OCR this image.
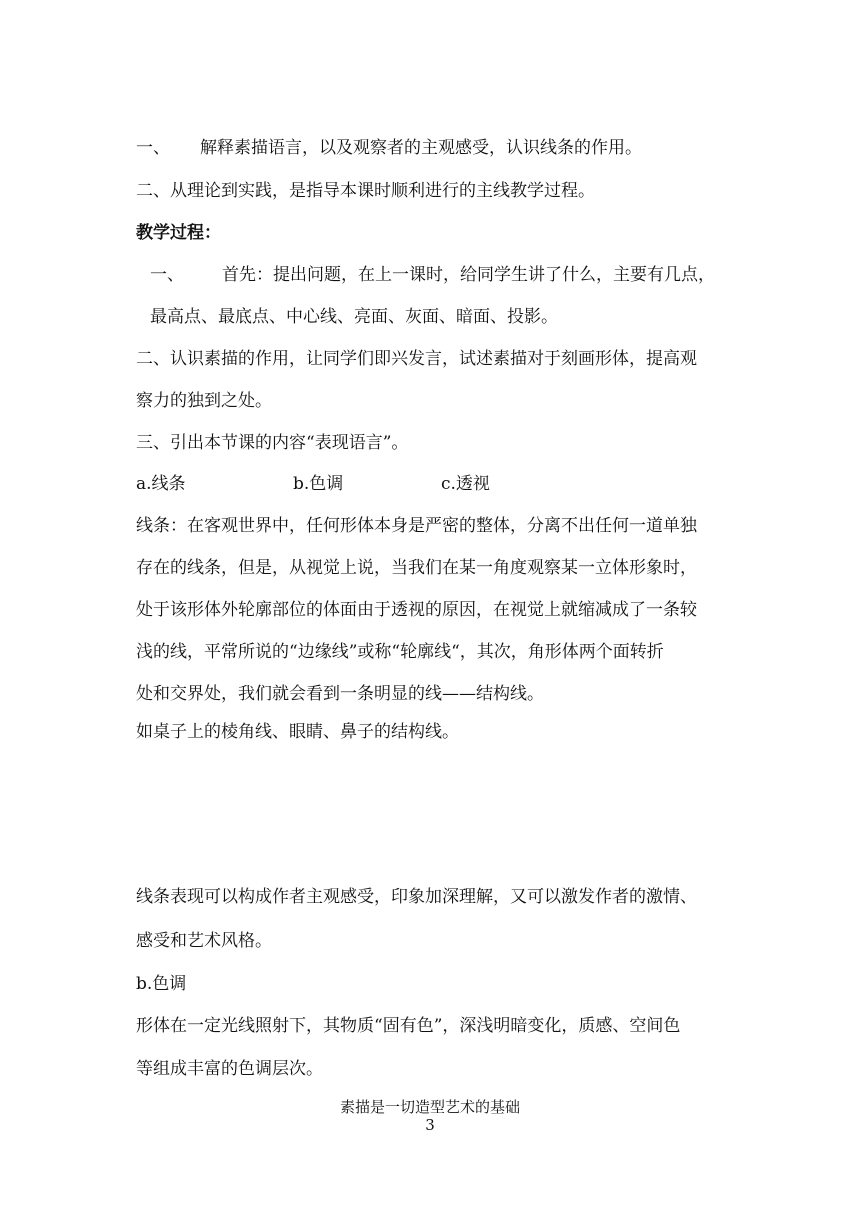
一、 解释素描语言，以及观察者的主观感受，认识线条的作用。

二、从理论到实践，是指导本课时顺利进行的主线教学过程。

教学过程：

一、 首先：提出问题，在上一课时，给同学生讲了什么，主要有几点，

最高点、最底点、中心线、亮面、灰面、暗面、投影。

二、认识素描的作用，让同学们即兴发言，试述素描对于刻画形体，提高观

察力的独到之处。

三、引出本节课的内容“表现语言”。

a.线条	b.色调	c.透视

线条：在客观世界中，任何形体本身是严密的整体，分离不出任何一道单独

存在的线条，但是，从视觉上说，当我们在某一角度观察某一立体形象时，

处于该形体外轮廓部位的体面由于透视的原因，在视觉上就缩减成了一条较

浅的线，平常所说的“边缘线”或称“轮廓线“，其次，角形体两个面转折

处和交界处，我们就会看到一条明显的线——结构线。

如桌子上的棱角线、眼睛、鼻子的结构线。

线条表现可以构成作者主观感受，印象加深理解，又可以激发作者的激情、

感受和艺术风格。

b.色调

形体在一定光线照射下，其物质“固有色”，深浅明暗变化，质感、空间色

等组成丰富的色调层次。

素描是一切造型艺术的基础

3
